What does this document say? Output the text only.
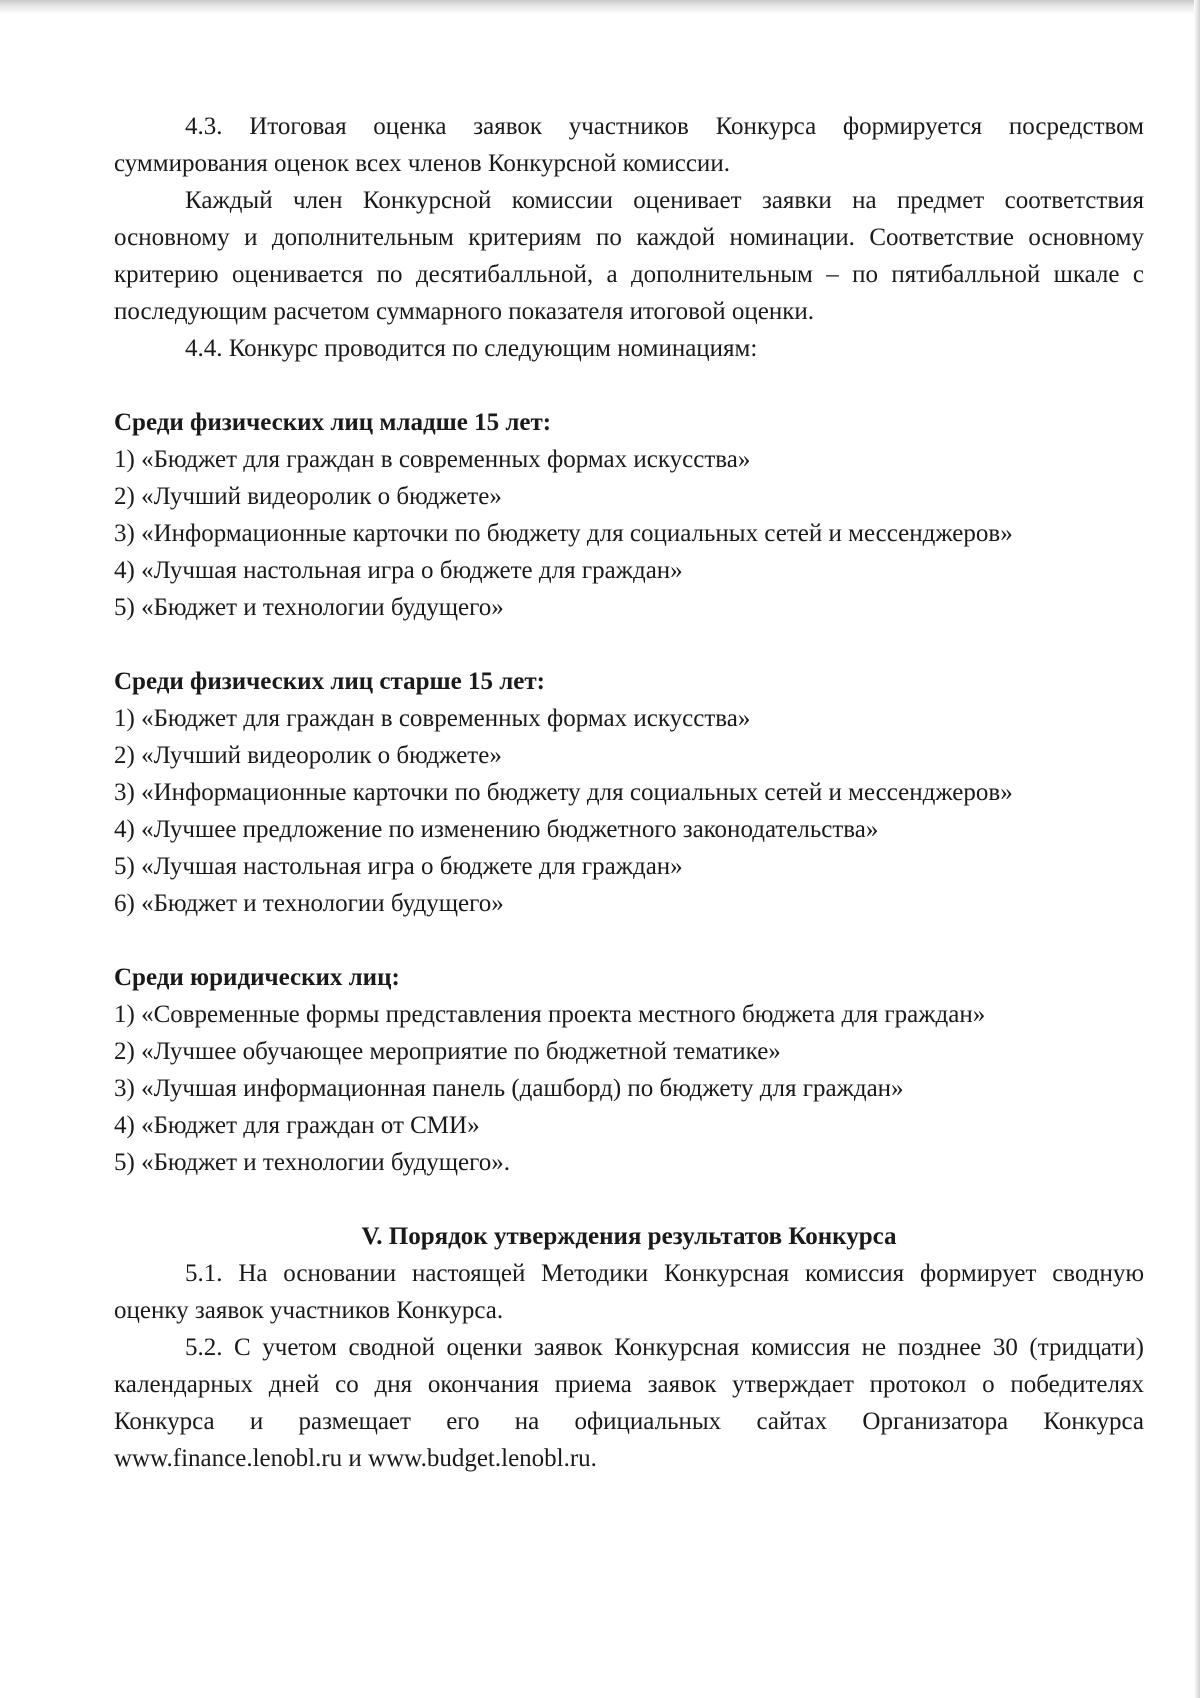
4.3. Итоговая оценка заявок участников Конкурса формируется посредством суммирования оценок всех членов Конкурсной комиссии.

Каждый член Конкурсной комиссии оценивает заявки на предмет соответствия основному и дополнительным критериям по каждой номинации. Соответствие основному критерию оценивается по десятибалльной, а дополнительным – по пятибалльной шкале с последующим расчетом суммарного показателя итоговой оценки.

4.4. Конкурс проводится по следующим номинациям:

Среди физических лиц младше 15 лет:

1) «Бюджет для граждан в современных формах искусства»
2) «Лучший видеоролик о бюджете»
3) «Информационные карточки по бюджету для социальных сетей и мессенджеров»
4) «Лучшая настольная игра о бюджете для граждан»
5) «Бюджет и технологии будущего»

Среди физических лиц старше 15 лет:

1) «Бюджет для граждан в современных формах искусства»
2) «Лучший видеоролик о бюджете»
3) «Информационные карточки по бюджету для социальных сетей и мессенджеров»
4) «Лучшее предложение по изменению бюджетного законодательства»
5) «Лучшая настольная игра о бюджете для граждан»
6) «Бюджет и технологии будущего»

Среди юридических лиц:

1) «Современные формы представления проекта местного бюджета для граждан»
2) «Лучшее обучающее мероприятие по бюджетной тематике»
3) «Лучшая информационная панель (дашборд) по бюджету для граждан»
4) «Бюджет для граждан от СМИ»
5) «Бюджет и технологии будущего».

V. Порядок утверждения результатов Конкурса

5.1. На основании настоящей Методики Конкурсная комиссия формирует сводную оценку заявок участников Конкурса.

5.2. С учетом сводной оценки заявок Конкурсная комиссия не позднее 30 (тридцати) календарных дней со дня окончания приема заявок утверждает протокол о победителях Конкурса и размещает его на официальных сайтах Организатора Конкурса www.finance.lenobl.ru и www.budget.lenobl.ru.
